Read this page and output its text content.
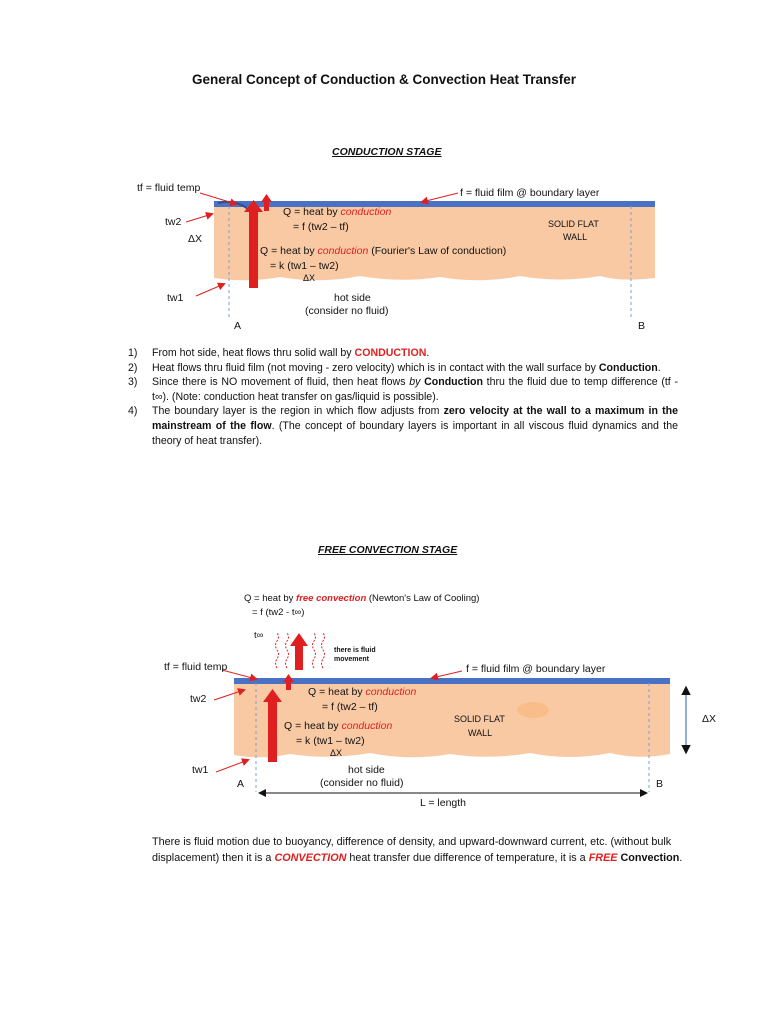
General Concept of Conduction & Convection Heat Transfer
CONDUCTION STAGE
tf = fluid temp	f = fluid film @ boundary layer
tw2
ΔX
tw1
Q = heat by conduction
= f (tw2 – tf)
Q = heat by conduction (Fourier's Law of conduction)
= k (tw1 – tw2)
ΔX
SOLID FLAT
WALL
hot side
(consider no fluid)
A	B
1) From hot side, heat flows thru solid wall by CONDUCTION.
2) Heat flows thru fluid film (not moving - zero velocity) which is in contact with the wall surface by Conduction.
3) Since there is NO movement of fluid, then heat flows by Conduction thru the fluid due to temp difference (tf -t∞). (Note: conduction heat transfer on gas/liquid is possible).
4) The boundary layer is the region in which flow adjusts from zero velocity at the wall to a maximum in the mainstream of the flow. (The concept of boundary layers is important in all viscous fluid dynamics and the theory of heat transfer).
FREE CONVECTION STAGE
Q = heat by free convection (Newton's Law of Cooling)
= f (tw2 - t∞)
t∞
there is fluid
movement
tf = fluid temp	f = fluid film @ boundary layer
tw2
tw1
ΔX
Q = heat by conduction
= f (tw2 – tf)
Q = heat by conduction
= k (tw1 – tw2)
ΔX
SOLID FLAT
WALL
hot side
(consider no fluid)
A	B
L = length
There is fluid motion due to buoyancy, difference of density, and upward-downward current, etc. (without bulk displacement) then it is a CONVECTION heat transfer due difference of temperature, it is a FREE Convection.
